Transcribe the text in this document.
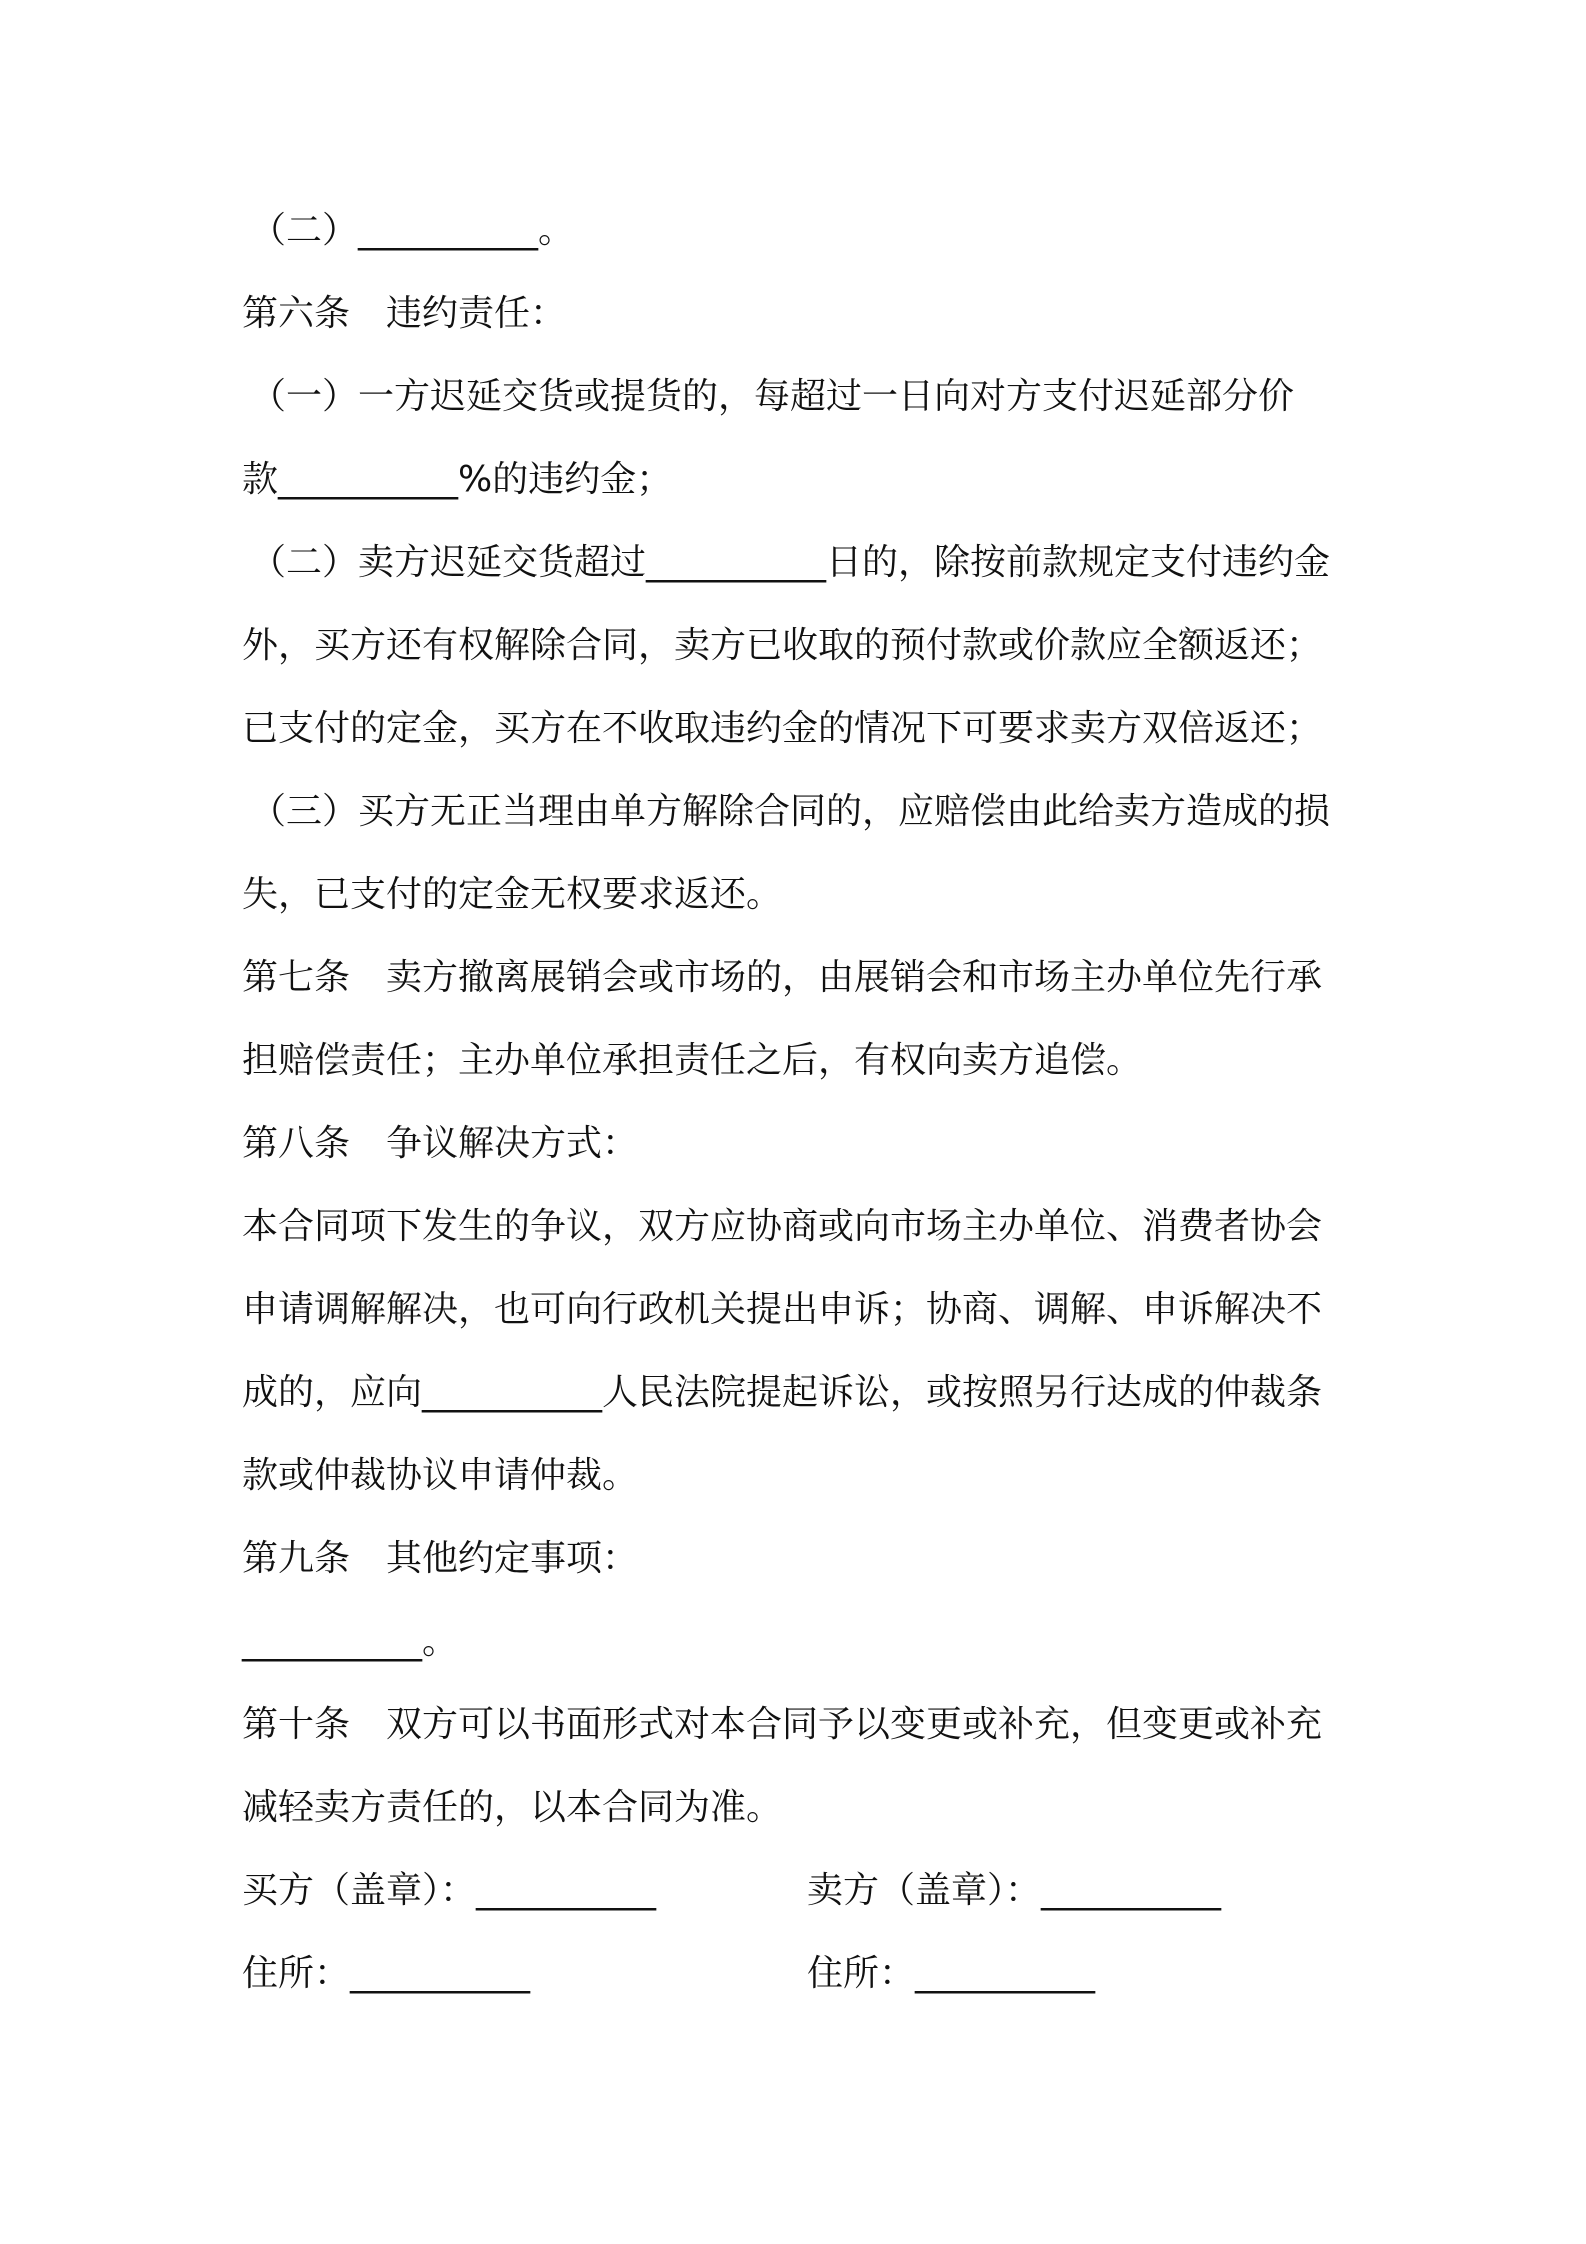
（二）__________。
第六条　违约责任：
（一）一方迟延交货或提货的，每超过一日向对方支付迟延部分价
款__________%的违约金；
（二）卖方迟延交货超过__________日的，除按前款规定支付违约金
外，买方还有权解除合同，卖方已收取的预付款或价款应全额返还；
已支付的定金，买方在不收取违约金的情况下可要求卖方双倍返还；
（三）买方无正当理由单方解除合同的，应赔偿由此给卖方造成的损
失，已支付的定金无权要求返还。
第七条　卖方撤离展销会或市场的，由展销会和市场主办单位先行承
担赔偿责任；主办单位承担责任之后，有权向卖方追偿。
第八条　争议解决方式：
本合同项下发生的争议，双方应协商或向市场主办单位、消费者协会
申请调解解决，也可向行政机关提出申诉；协商、调解、申诉解决不
成的，应向__________人民法院提起诉讼，或按照另行达成的仲裁条
款或仲裁协议申请仲裁。
第九条　其他约定事项：
__________。
第十条　双方可以书面形式对本合同予以变更或补充，但变更或补充
减轻卖方责任的，以本合同为准。
买方（盖章）：__________	卖方（盖章）：__________
住所：__________	住所：__________
